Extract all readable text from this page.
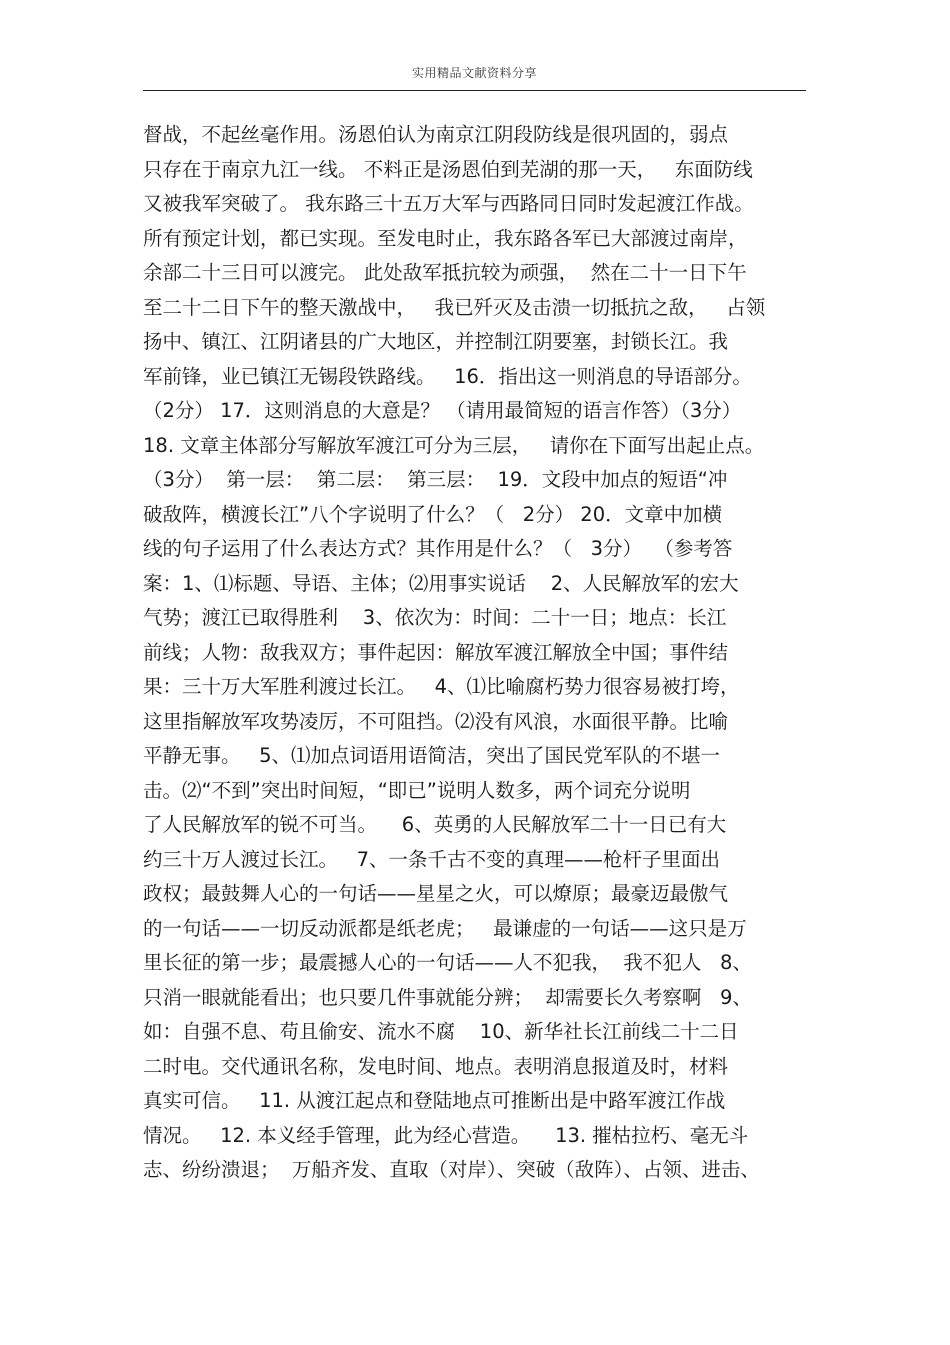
实用精品文献资料分享
督战，不起丝毫作用。汤恩伯认为南京江阴段防线是很巩固的，弱点
只存在于南京九江一线。 不料正是汤恩伯到芜湖的那一天，   东面防线
又被我军突破了。 我东路三十五万大军与西路同日同时发起渡江作战。
所有预定计划，都已实现。至发电时止，我东路各军已大部渡过南岸，
余部二十三日可以渡完。 此处敌军抵抗较为顽强，  然在二十一日下午
至二十二日下午的整天激战中，   我已歼灭及击溃一切抵抗之敌，   占领
扬中、镇江、江阴诸县的广大地区，并控制江阴要塞，封锁长江。我
军前锋，业已镇江无锡段铁路线。   16．指出这一则消息的导语部分。
（2分） 17．这则消息的大意是？ （请用最简短的语言作答）（3分）
18. 文章主体部分写解放军渡江可分为三层，   请你在下面写出起止点。
（3分）  第一层：  第二层：  第三层：  19．文段中加点的短语“冲
破敌阵，横渡长江”八个字说明了什么？（   2分） 20．文章中加横
线的句子运用了什么表达方式？其作用是什么？（   3分）  （参考答
案：1、⑴标题、导语、主体；⑵用事实说话    2、人民解放军的宏大
气势；渡江已取得胜利    3、依次为：时间：二十一日；地点：长江
前线；人物：敌我双方；事件起因：解放军渡江解放全中国；事件结
果：三十万大军胜利渡过长江。   4、⑴比喻腐朽势力很容易被打垮，
这里指解放军攻势凌厉，不可阻挡。⑵没有风浪，水面很平静。比喻
平静无事。   5、⑴加点词语用语简洁，突出了国民党军队的不堪一
击。⑵“不到”突出时间短，“即已”说明人数多，两个词充分说明
了人民解放军的锐不可当。    6、英勇的人民解放军二十一日已有大
约三十万人渡过长江。   7、一条千古不变的真理——枪杆子里面出
政权；最鼓舞人心的一句话——星星之火，可以燎原；最豪迈最傲气
的一句话——一切反动派都是纸老虎；   最谦虚的一句话——这只是万
里长征的第一步；最震撼人心的一句话——人不犯我，  我不犯人   8、
只消一眼就能看出；也只要几件事就能分辨；  却需要长久考察啊   9、
如：自强不息、苟且偷安、流水不腐    10、新华社长江前线二十二日
二时电。交代通讯名称，发电时间、地点。表明消息报道及时，材料
真实可信。   11. 从渡江起点和登陆地点可推断出是中路军渡江作战
情况。   12. 本义经手管理，此为经心营造。    13. 摧枯拉朽、毫无斗
志、纷纷溃退；  万船齐发、直取（对岸）、突破（敌阵）、占领、进击、
